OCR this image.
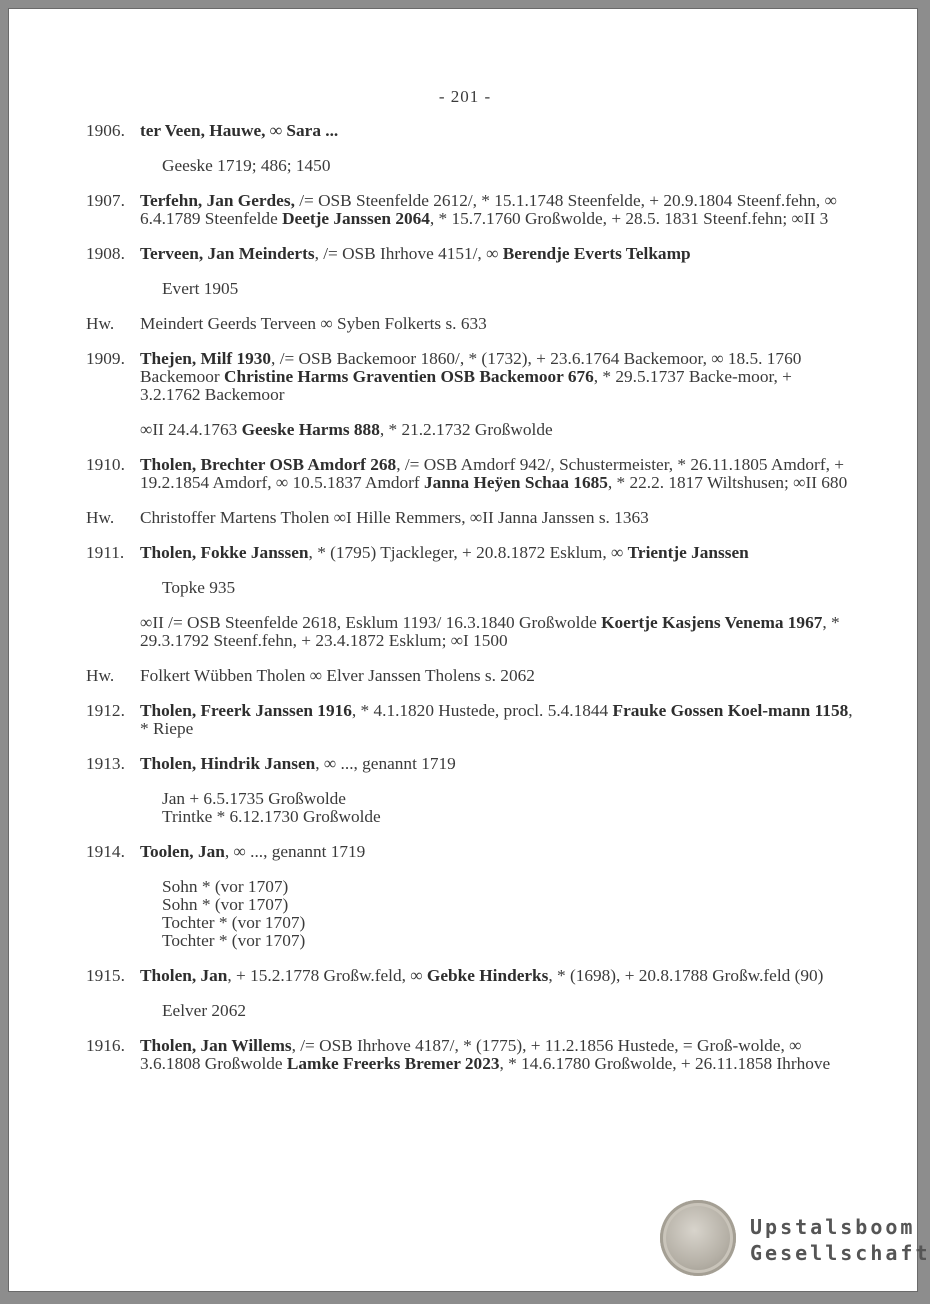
- 201 -
1906. ter Veen, Hauwe, ∞ Sara ...
Geeske 1719; 486; 1450
1907. Terfehn, Jan Gerdes, /= OSB Steenfelde 2612/, * 15.1.1748 Steenfelde, + 20.9.1804 Steenf.fehn, ∞ 6.4.1789 Steenfelde Deetje Janssen 2064, * 15.7.1760 Großwolde, + 28.5. 1831 Steenf.fehn; ∞II 3
1908. Terveen, Jan Meinderts, /= OSB Ihrhove 4151/, ∞ Berendje Everts Telkamp
Evert 1905
Hw.	Meindert Geerds Terveen ∞ Syben Folkerts s. 633
1909. Thejen, Milf 1930, /= OSB Backemoor 1860/, * (1732), + 23.6.1764 Backemoor, ∞ 18.5. 1760 Backemoor Christine Harms Graventien OSB Backemoor 676, * 29.5.1737 Backe-moor, + 3.2.1762 Backemoor
∞II 24.4.1763 Geeske Harms 888, * 21.2.1732 Großwolde
1910. Tholen, Brechter OSB Amdorf 268, /= OSB Amdorf 942/, Schustermeister, * 26.11.1805 Amdorf, + 19.2.1854 Amdorf, ∞ 10.5.1837 Amdorf Janna Heÿen Schaa 1685, * 22.2. 1817 Wiltshusen; ∞II 680
Hw.	Christoffer Martens Tholen ∞I Hille Remmers, ∞II Janna Janssen s. 1363
1911. Tholen, Fokke Janssen, * (1795) Tjackleger, + 20.8.1872 Esklum, ∞ Trientje Janssen
Topke 935
∞II /= OSB Steenfelde 2618, Esklum 1193/ 16.3.1840 Großwolde Koertje Kasjens Venema 1967, * 29.3.1792 Steenf.fehn, + 23.4.1872 Esklum; ∞I 1500
Hw.	Folkert Wübben Tholen ∞ Elver Janssen Tholens s. 2062
1912. Tholen, Freerk Janssen 1916, * 4.1.1820 Hustede, procl. 5.4.1844 Frauke Gossen Koel-mann 1158, * Riepe
1913. Tholen, Hindrik Jansen, ∞ ..., genannt 1719
Jan + 6.5.1735 Großwolde
Trintke * 6.12.1730 Großwolde
1914. Toolen, Jan, ∞ ..., genannt 1719
Sohn * (vor 1707)
Sohn * (vor 1707)
Tochter * (vor 1707)
Tochter * (vor 1707)
1915. Tholen, Jan, + 15.2.1778 Großw.feld, ∞ Gebke Hinderks, * (1698), + 20.8.1788 Großw.feld (90)
Eelver 2062
1916. Tholen, Jan Willems, /= OSB Ihrhove 4187/, * (1775), + 11.2.1856 Hustede, = Groß-wolde, ∞ 3.6.1808 Großwolde Lamke Freerks Bremer 2023, * 14.6.1780 Großwolde, + 26.11.1858 Ihrhove
Upstalsboom
Gesellschaft
